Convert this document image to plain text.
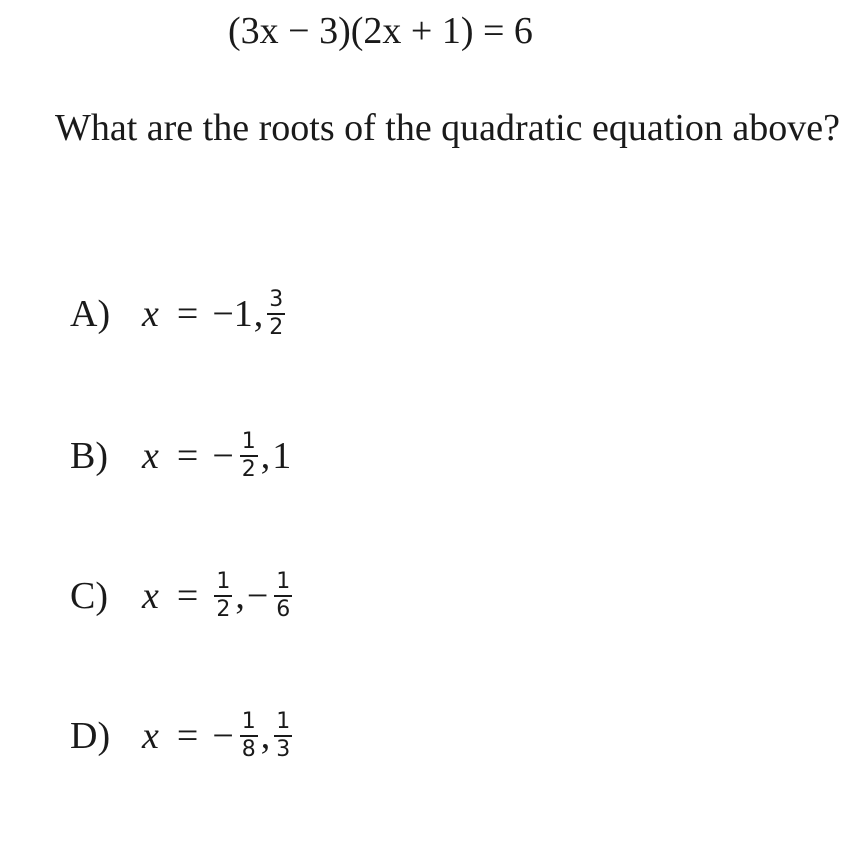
(3x − 3)(2x + 1) = 6
What are the roots of the quadratic equation above?
A) x = −1 , $\frac{3}{2}$
B) x = − $\frac{1}{2}$ , 1
C) $x = \frac{1}{2}$ , − $\frac{1}{6}$
D) x = − $\frac{1}{8}$ , $\frac{1}{3}$
